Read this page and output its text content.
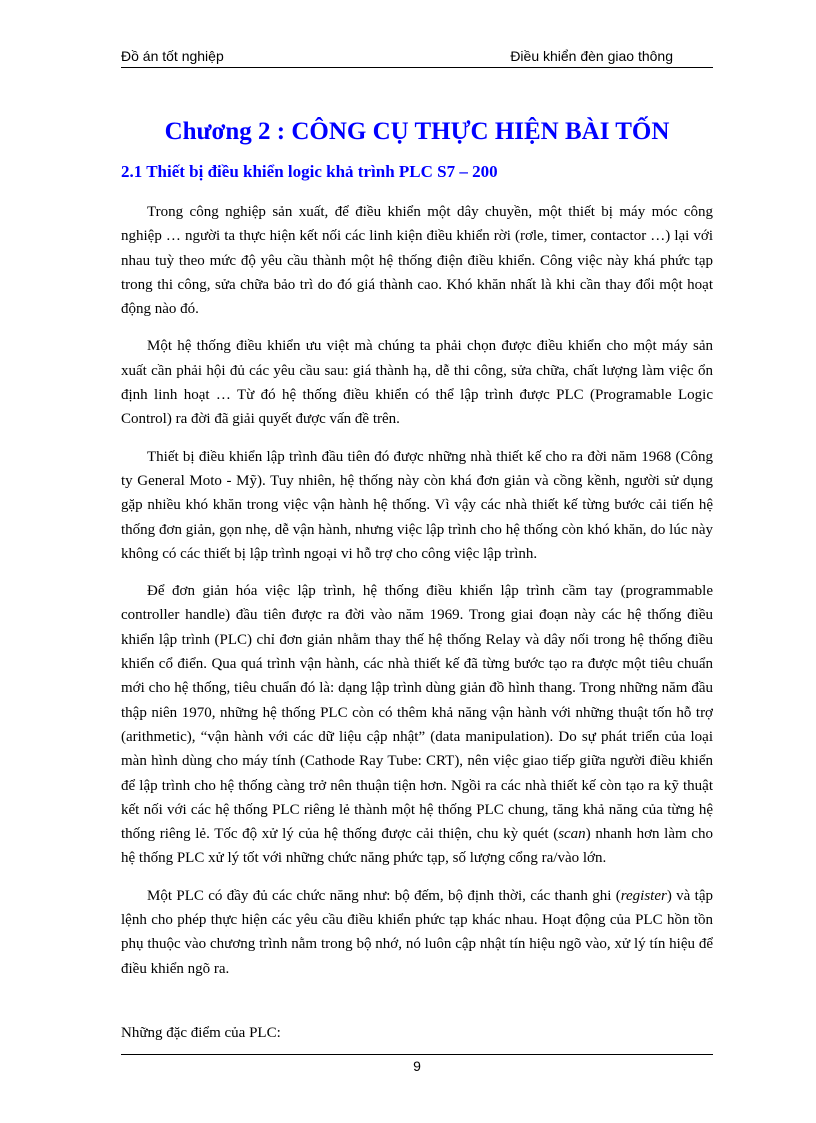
Đồ án tốt nghiệp	Điều khiển đèn giao thông
Chương 2 : CÔNG CỤ THỰC HIỆN BÀI TỐN
2.1 Thiết bị điều khiển logic khả trình PLC S7 – 200

Trong công nghiệp sản xuất, để điều khiển một dây chuyền, một thiết bị máy móc công nghiệp … người ta thực hiện kết nối các linh kiện điều khiển rời (rơle, timer, contactor …) lại với nhau tuỳ theo mức độ yêu cầu thành một hệ thống điện điều khiển. Công việc này khá phức tạp trong thi công, sửa chữa bảo trì do đó giá thành cao. Khó khăn nhất là khi cần thay đổi một hoạt động nào đó.

Một hệ thống điều khiển ưu việt mà chúng ta phải chọn được điều khiển cho một máy sản xuất cần phải hội đủ các yêu cầu sau: giá thành hạ, dễ thi công, sửa chữa, chất lượng làm việc ổn định linh hoạt … Từ đó hệ thống điều khiển có thể lập trình được PLC (Programable Logic Control) ra đời đã giải quyết được vấn đề trên.

Thiết bị điều khiển lập trình đầu tiên đó được những nhà thiết kế cho ra đời năm 1968 (Công ty General Moto - Mỹ). Tuy nhiên, hệ thống này còn khá đơn giản và cồng kềnh, người sử dụng gặp nhiều khó khăn trong việc vận hành hệ thống. Vì vậy các nhà thiết kế từng bước cải tiến hệ thống đơn giản, gọn nhẹ, dễ vận hành, nhưng việc lập trình cho hệ thống còn khó khăn, do lúc này không có các thiết bị lập trình ngoại vi hỗ trợ cho công việc lập trình.

Để đơn giản hóa việc lập trình, hệ thống điều khiển lập trình cầm tay (programmable controller handle) đầu tiên được ra đời vào năm 1969. Trong giai đoạn này các hệ thống điều khiển lập trình (PLC) chỉ đơn giản nhằm thay thế hệ thống Relay và dây nối trong hệ thống điều khiển cổ điển. Qua quá trình vận hành, các nhà thiết kế đã từng bước tạo ra được một tiêu chuẩn mới cho hệ thống, tiêu chuẩn đó là: dạng lập trình dùng giản đồ hình thang. Trong những năm đầu thập niên 1970, những hệ thống PLC còn có thêm khả năng vận hành với những thuật tốn hỗ trợ (arithmetic), “vận hành với các dữ liệu cập nhật” (data manipulation). Do sự phát triển của loại màn hình dùng cho máy tính (Cathode Ray Tube: CRT), nên việc giao tiếp giữa người điều khiển để lập trình cho hệ thống càng trở nên thuận tiện hơn. Ngồi ra các nhà thiết kế còn tạo ra kỹ thuật kết nối với các hệ thống PLC riêng lẻ thành một hệ thống PLC chung, tăng khả năng của từng hệ thống riêng lẻ. Tốc độ xử lý của hệ thống được cải thiện, chu kỳ quét (scan) nhanh hơn làm cho hệ thống PLC xử lý tốt với những chức năng phức tạp, số lượng cổng ra/vào lớn.

Một PLC có đầy đủ các chức năng như: bộ đếm, bộ định thời, các thanh ghi (register) và tập lệnh cho phép thực hiện các yêu cầu điều khiển phức tạp khác nhau. Hoạt động của PLC hồn tồn phụ thuộc vào chương trình nằm trong bộ nhớ, nó luôn cập nhật tín hiệu ngõ vào, xử lý tín hiệu để điều khiển ngõ ra.

Những đặc điểm của PLC:
9
